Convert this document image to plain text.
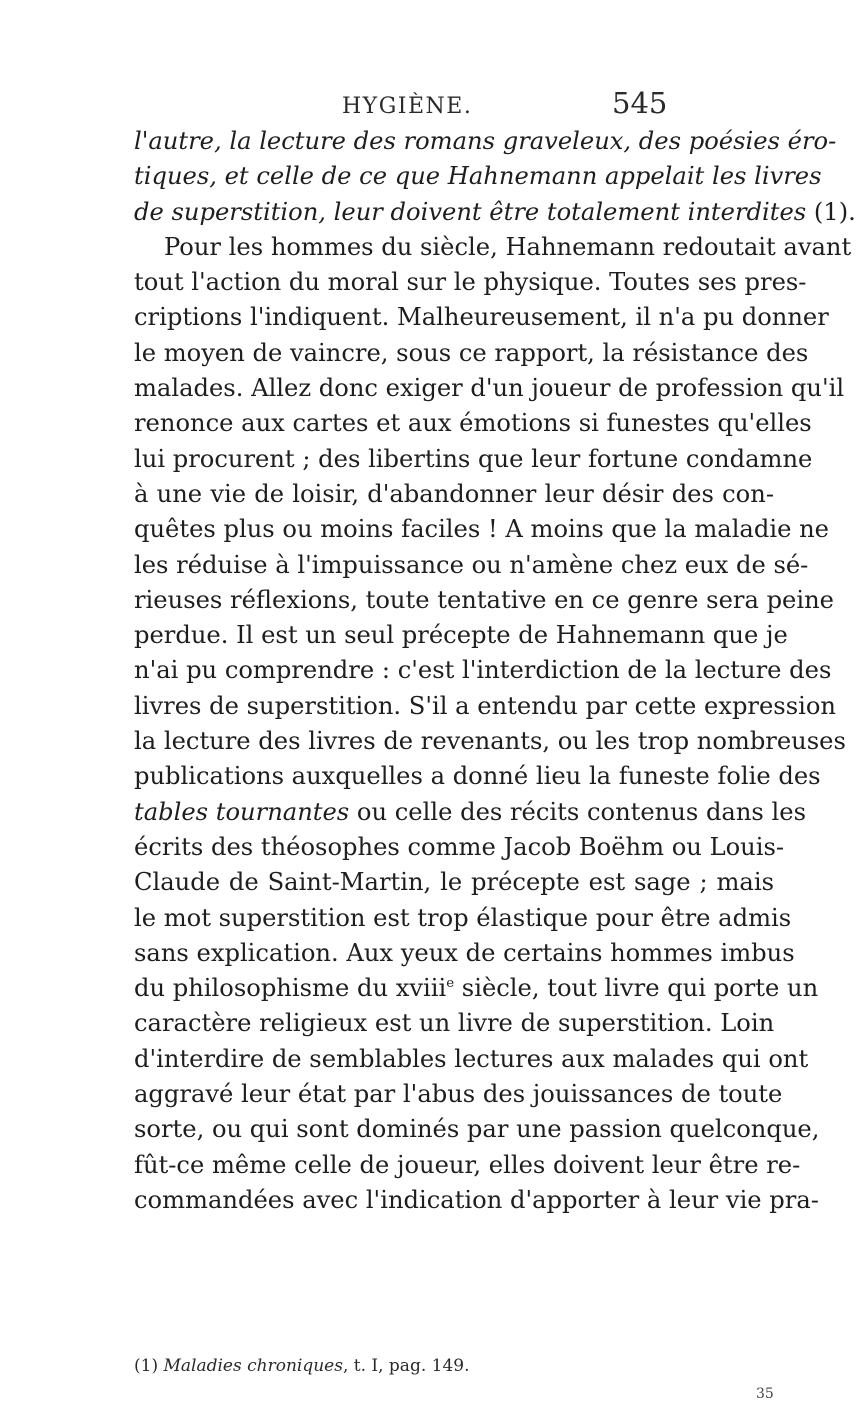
HYGIÈNE.	545
l'autre, la lecture des romans graveleux, des poésies éro-
tiques, et celle de ce que Hahnemann appelait les livres
de superstition, leur doivent être totalement interdites (1).
Pour les hommes du siècle, Hahnemann redoutait avant
tout l'action du moral sur le physique. Toutes ses pres-
criptions l'indiquent. Malheureusement, il n'a pu donner
le moyen de vaincre, sous ce rapport, la résistance des
malades. Allez donc exiger d'un joueur de profession qu'il
renonce aux cartes et aux émotions si funestes qu'elles
lui procurent ; des libertins que leur fortune condamne
à une vie de loisir, d'abandonner leur désir des con-
quêtes plus ou moins faciles ! A moins que la maladie ne
les réduise à l'impuissance ou n'amène chez eux de sé-
rieuses réflexions, toute tentative en ce genre sera peine
perdue. Il est un seul précepte de Hahnemann que je
n'ai pu comprendre : c'est l'interdiction de la lecture des
livres de superstition. S'il a entendu par cette expression
la lecture des livres de revenants, ou les trop nombreuses
publications auxquelles a donné lieu la funeste folie des
tables tournantes ou celle des récits contenus dans les
écrits des théosophes comme Jacob Boëhm ou Louis-
Claude de Saint-Martin, le précepte est sage ; mais
le mot superstition est trop élastique pour être admis
sans explication. Aux yeux de certains hommes imbus
du philosophisme du xviii$^e$ siècle, tout livre qui porte un
caractère religieux est un livre de superstition. Loin
d'interdire de semblables lectures aux malades qui ont
aggravé leur état par l'abus des jouissances de toute
sorte, ou qui sont dominés par une passion quelconque,
fût-ce même celle de joueur, elles doivent leur être re-
commandées avec l'indication d'apporter à leur vie pra-
(1) Maladies chroniques, t. I, pag. 149.
35
